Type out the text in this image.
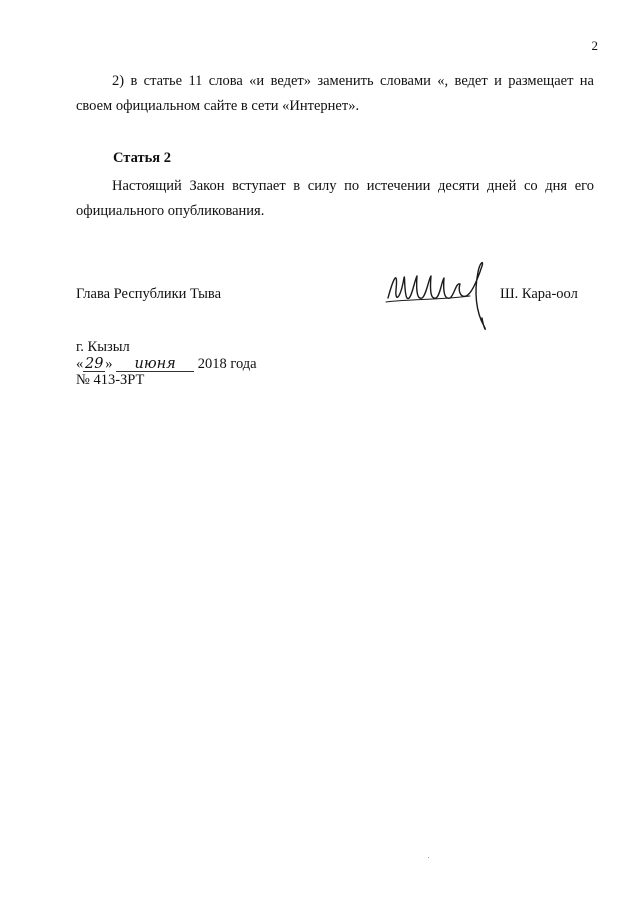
2

2) в статье 11 слова «и ведет» заменить словами «, ведет и размещает на своем официальном сайте в сети «Интернет».

Статья 2

Настоящий Закон вступает в силу по истечении десяти дней со дня его официального опубликования.

Глава Республики Тыва	Ш. Кара-оол
г. Кызыл
« 29 » июня 2018 года
№ 413-ЗРТ
